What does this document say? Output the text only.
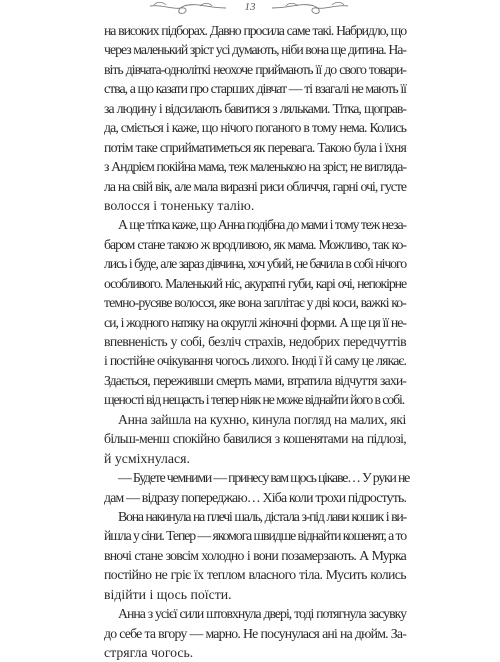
13
на високих підборах. Давно просила саме такі. Набридло, що
через маленький зріст усі думають, ніби вона ще дитина. На-
віть дівчата-одноліткі неохоче приймають її до свого товари-
ства, а що казати про старших дівчат — ті взагалі не мають її
за людину і відсилають бавитися з ляльками. Тітка, щоправ-
да, сміється і каже, що нічого поганого в тому нема. Колись
потім таке сприйматиметься як перевага. Такою була і їхня
з Андрієм покійна мама, теж маленькою на зріст, не вигляда-
ла на свій вік, але мала виразні риси обличчя, гарні очі, густе
волосся і тоненьку талію.
А ще тітка каже, що Анна подібна до мами і тому теж неза-
баром стане такою ж вродливою, як мама. Можливо, так ко-
лись і буде, але зараз дівчина, хоч убий, не бачила в собі нічого
особливого. Маленький ніс, акуратні губи, карі очі, непокірне
темно-русяве волосся, яке вона заплітає у дві коси, важкі ко-
си, і жодного натяку на округлі жіночні форми. А ще ця її не-
впевненість у собі, безліч страхів, недобрих передчуттів
і постійне очікування чогось лихого. Іноді ї й саму це лякає.
Здається, переживши смерть мами, втратила відчуття захи-
щеності від нещасть і тепер ніяк не може віднайти його в собі.
Анна зайшла на кухню, кинула погляд на малих, які
більш-менш спокійно бавилися з кошенятами на підлозі,
й усміхнулася.
— Будете чемними — принесу вам щось цікаве… У руки не
дам — відразу попереджаю… Хіба коли трохи підростуть.
Вона накинула на плечі шаль, дістала з-під лави кошик і ви-
йшла у сіни. Тепер — якомога швидше віднайти кошенят, а то
вночі стане зовсім холодно і вони позамерзають. А Мурка
постійно не гріє їх теплом власного тіла. Мусить колись
відійти і щось поїсти.
Анна з усієї сили штовхнула двері, тоді потягнула засувку
до себе та вгору — марно. Не посунулася ані на дюйм. За-
стрягла чогось.
